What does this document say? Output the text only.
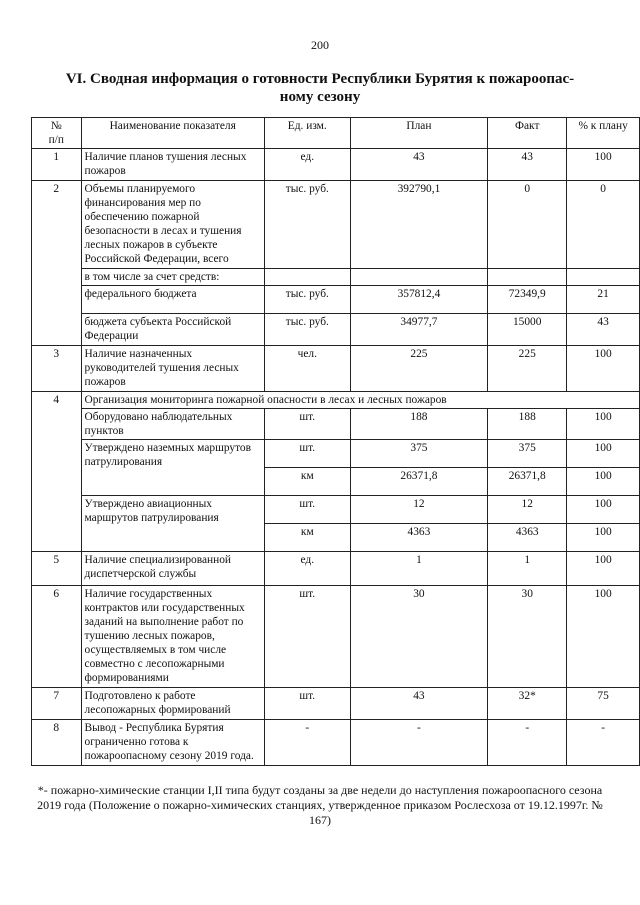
200
VI. Сводная информация о готовности Республики Бурятия к пожароопас-
ному сезону
№
п/п	Наименование показателя	Ед. изм.	План	Факт	% к плану
1	Наличие планов тушения лесных пожаров	ед.	43	43	100
2	Объемы планируемого финансирования мер по обеспечению пожарной безопасности в лесах и тушения лесных пожаров в субъекте Российской Федерации, всего	тыс. руб.	392790,1	0	0
	в том числе за счет средств:				
	федерального бюджета	тыс. руб.	357812,4	72349,9	21
	бюджета субъекта Российской Федерации	тыс. руб.	34977,7	15000	43
3	Наличие назначенных руководителей тушения лесных пожаров	чел.	225	225	100
4	Организация мониторинга пожарной опасности в лесах и лесных пожаров				
	Оборудовано наблюдательных пунктов	шт.	188	188	100
	Утверждено наземных маршрутов патрулирования	шт.	375	375	100
		км	26371,8	26371,8	100
	Утверждено авиационных маршрутов патрулирования	шт.	12	12	100
		км	4363	4363	100
5	Наличие специализированной диспетчерской службы	ед.	1	1	100
6	Наличие государственных контрактов или государственных заданий на выполнение работ по тушению лесных пожаров, осуществляемых в том числе совместно с лесопожарными формированиями	шт.	30	30	100
7	Подготовлено к работе лесопожарных формирований	шт.	43	32*	75
8	Вывод - Республика Бурятия ограниченно готова к пожароопасному сезону 2019 года.	-	-	-	-
*- пожарно-химические станции I,II типа будут созданы за две недели до наступления пожароопасного сезона 2019 года (Положение о пожарно-химических станциях, утвержденное приказом Рослесхоза от 19.12.1997г. № 167)
